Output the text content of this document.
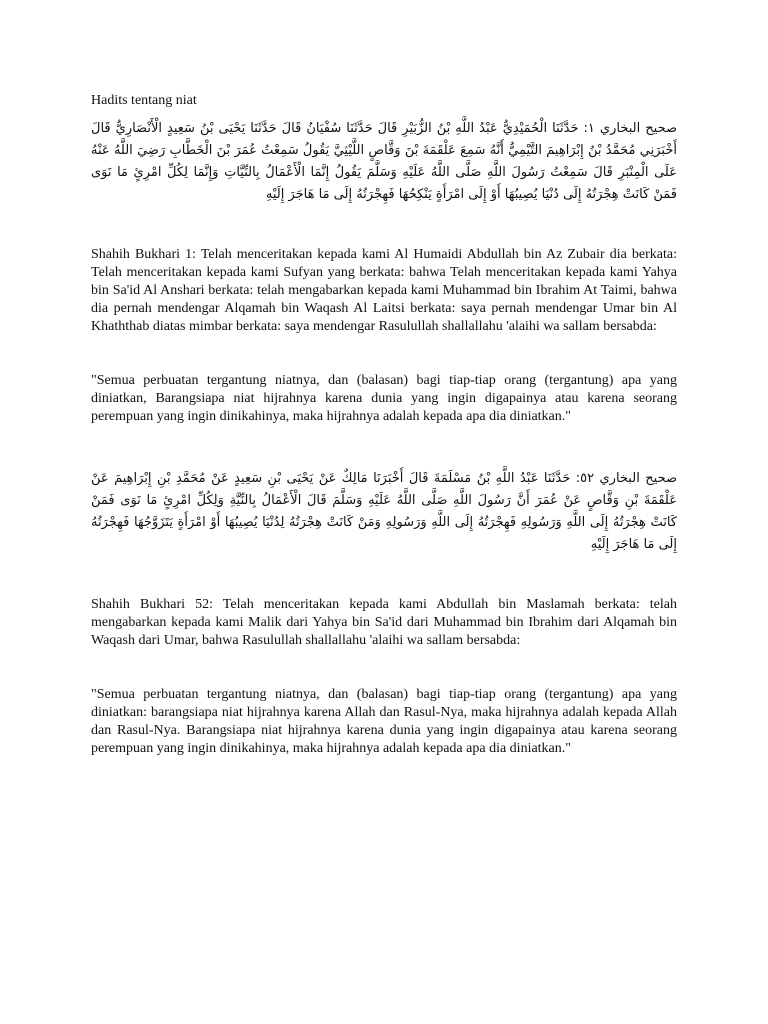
Hadits tentang niat

صحيح البخاري ١: حَدَّثَنَا الْحُمَيْدِيُّ عَبْدُ اللَّهِ بْنُ الزُّبَيْرِ قَالَ حَدَّثَنَا سُفْيَانُ قَالَ حَدَّثَنَا يَحْيَى بْنُ سَعِيدٍ الْأَنْصَارِيُّ قَالَ أَخْبَرَنِي مُحَمَّدُ بْنُ إِبْرَاهِيمَ التَّيْمِيُّ أَنَّهُ سَمِعَ عَلْقَمَةَ بْنَ وَقَّاصٍ اللَّيْثِيَّ يَقُولُ سَمِعْتُ عُمَرَ بْنَ الْخَطَّابِ رَضِيَ اللَّهُ عَنْهُ عَلَى الْمِنْبَرِ قَالَ سَمِعْتُ رَسُولَ اللَّهِ صَلَّى اللَّهُ عَلَيْهِ وَسَلَّمَ يَقُولُ إِنَّمَا الْأَعْمَالُ بِالنِّيَّاتِ وَإِنَّمَا لِكُلِّ امْرِئٍ مَا نَوَى فَمَنْ كَانَتْ هِجْرَتُهُ إِلَى دُنْيَا يُصِيبُهَا أَوْ إِلَى امْرَأَةٍ يَنْكِحُهَا فَهِجْرَتُهُ إِلَى مَا هَاجَرَ إِلَيْهِ

Shahih Bukhari 1: Telah menceritakan kepada kami Al Humaidi Abdullah bin Az Zubair dia berkata: Telah menceritakan kepada kami Sufyan yang berkata: bahwa Telah menceritakan kepada kami Yahya bin Sa'id Al Anshari berkata: telah mengabarkan kepada kami Muhammad bin Ibrahim At Taimi, bahwa dia pernah mendengar Alqamah bin Waqash Al Laitsi berkata: saya pernah mendengar Umar bin Al Khaththab diatas mimbar berkata: saya mendengar Rasulullah shallallahu 'alaihi wa sallam bersabda:

"Semua perbuatan tergantung niatnya, dan (balasan) bagi tiap-tiap orang (tergantung) apa yang diniatkan, Barangsiapa niat hijrahnya karena dunia yang ingin digapainya atau karena seorang perempuan yang ingin dinikahinya, maka hijrahnya adalah kepada apa dia diniatkan."

صحيح البخاري ٥٢: حَدَّثَنَا عَبْدُ اللَّهِ بْنُ مَسْلَمَةَ قَالَ أَخْبَرَنَا مَالِكٌ عَنْ يَحْيَى بْنِ سَعِيدٍ عَنْ مُحَمَّدِ بْنِ إِبْرَاهِيمَ عَنْ عَلْقَمَةَ بْنِ وَقَّاصٍ عَنْ عُمَرَ أَنَّ رَسُولَ اللَّهِ صَلَّى اللَّهُ عَلَيْهِ وَسَلَّمَ قَالَ الْأَعْمَالُ بِالنِّيَّةِ وَلِكُلِّ امْرِئٍ مَا نَوَى فَمَنْ كَانَتْ هِجْرَتُهُ إِلَى اللَّهِ وَرَسُولِهِ فَهِجْرَتُهُ إِلَى اللَّهِ وَرَسُولِهِ وَمَنْ كَانَتْ هِجْرَتُهُ لِدُنْيَا يُصِيبُهَا أَوْ امْرَأَةٍ يَتَزَوَّجُهَا فَهِجْرَتُهُ إِلَى مَا هَاجَرَ إِلَيْهِ

Shahih Bukhari 52: Telah menceritakan kepada kami Abdullah bin Maslamah berkata: telah mengabarkan kepada kami Malik dari Yahya bin Sa'id dari Muhammad bin Ibrahim dari Alqamah bin Waqash dari Umar, bahwa Rasulullah shallallahu 'alaihi wa sallam bersabda:

"Semua perbuatan tergantung niatnya, dan (balasan) bagi tiap-tiap orang (tergantung) apa yang diniatkan: barangsiapa niat hijrahnya karena Allah dan Rasul-Nya, maka hijrahnya adalah kepada Allah dan Rasul-Nya. Barangsiapa niat hijrahnya karena dunia yang ingin digapainya atau karena seorang perempuan yang ingin dinikahinya, maka hijrahnya adalah kepada apa dia diniatkan."
